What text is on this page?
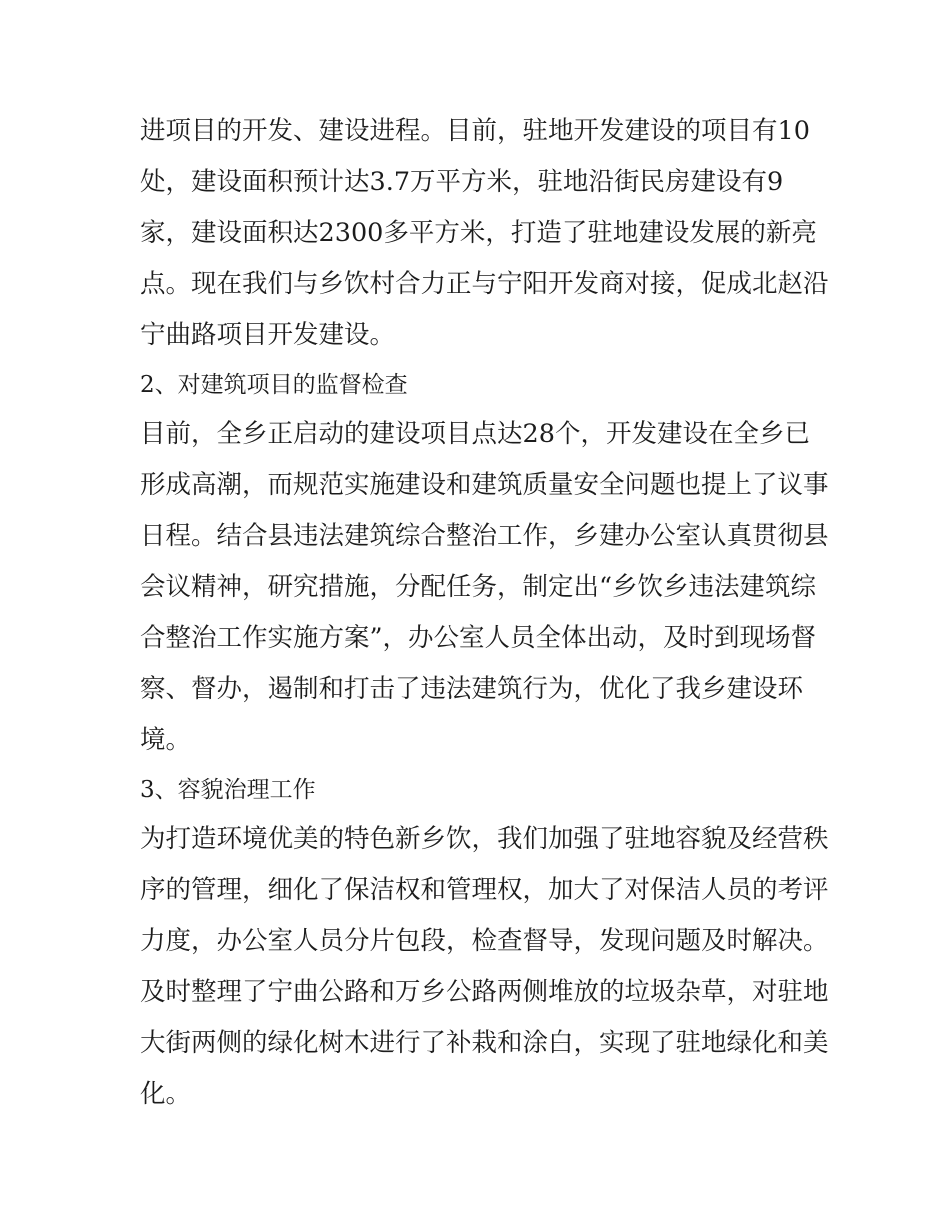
进项目的开发、建设进程。目前，驻地开发建设的项目有10
处，建设面积预计达3.7万平方米，驻地沿街民房建设有9
家，建设面积达2300多平方米，打造了驻地建设发展的新亮
点。现在我们与乡饮村合力正与宁阳开发商对接，促成北赵沿
宁曲路项目开发建设。
2、对建筑项目的监督检查
目前，全乡正启动的建设项目点达28个，开发建设在全乡已
形成高潮，而规范实施建设和建筑质量安全问题也提上了议事
日程。结合县违法建筑综合整治工作，乡建办公室认真贯彻县
会议精神，研究措施，分配任务，制定出“乡饮乡违法建筑综
合整治工作实施方案”，办公室人员全体出动，及时到现场督
察、督办，遏制和打击了违法建筑行为，优化了我乡建设环
境。
3、容貌治理工作
为打造环境优美的特色新乡饮，我们加强了驻地容貌及经营秩
序的管理，细化了保洁权和管理权，加大了对保洁人员的考评
力度，办公室人员分片包段，检查督导，发现问题及时解决。
及时整理了宁曲公路和万乡公路两侧堆放的垃圾杂草，对驻地
大街两侧的绿化树木进行了补栽和涂白，实现了驻地绿化和美
化。
